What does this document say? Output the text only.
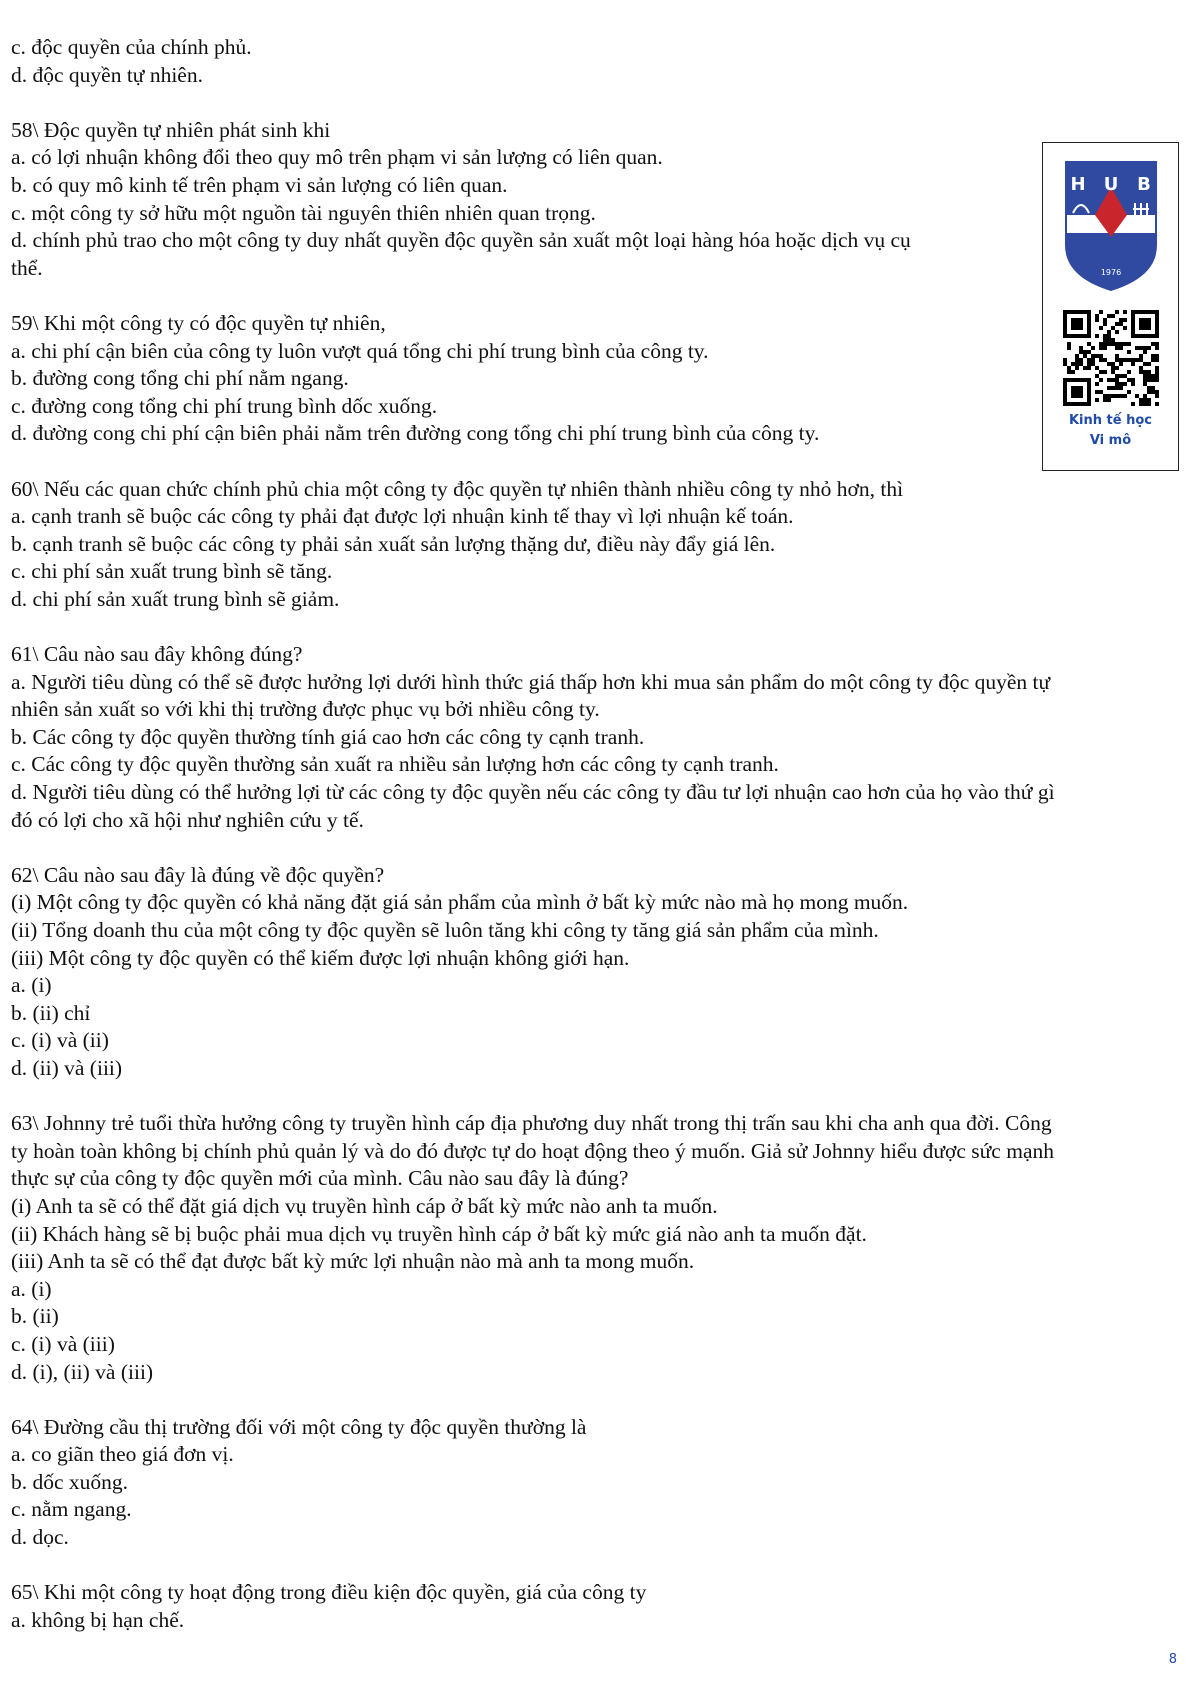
c. độc quyền của chính phủ.
d. độc quyền tự nhiên.
58\ Độc quyền tự nhiên phát sinh khi
a. có lợi nhuận không đổi theo quy mô trên phạm vi sản lượng có liên quan.
b. có quy mô kinh tế trên phạm vi sản lượng có liên quan.
c. một công ty sở hữu một nguồn tài nguyên thiên nhiên quan trọng.
d. chính phủ trao cho một công ty duy nhất quyền độc quyền sản xuất một loại hàng hóa hoặc dịch vụ cụ
thể.
59\ Khi một công ty có độc quyền tự nhiên,
a. chi phí cận biên của công ty luôn vượt quá tổng chi phí trung bình của công ty.
b. đường cong tổng chi phí nằm ngang.
c. đường cong tổng chi phí trung bình dốc xuống.
d. đường cong chi phí cận biên phải nằm trên đường cong tổng chi phí trung bình của công ty.
60\ Nếu các quan chức chính phủ chia một công ty độc quyền tự nhiên thành nhiều công ty nhỏ hơn, thì
a. cạnh tranh sẽ buộc các công ty phải đạt được lợi nhuận kinh tế thay vì lợi nhuận kế toán.
b. cạnh tranh sẽ buộc các công ty phải sản xuất sản lượng thặng dư, điều này đẩy giá lên.
c. chi phí sản xuất trung bình sẽ tăng.
d. chi phí sản xuất trung bình sẽ giảm.
61\ Câu nào sau đây không đúng?
a. Người tiêu dùng có thể sẽ được hưởng lợi dưới hình thức giá thấp hơn khi mua sản phẩm do một công ty độc quyền tự
nhiên sản xuất so với khi thị trường được phục vụ bởi nhiều công ty.
b. Các công ty độc quyền thường tính giá cao hơn các công ty cạnh tranh.
c. Các công ty độc quyền thường sản xuất ra nhiều sản lượng hơn các công ty cạnh tranh.
d. Người tiêu dùng có thể hưởng lợi từ các công ty độc quyền nếu các công ty đầu tư lợi nhuận cao hơn của họ vào thứ gì
đó có lợi cho xã hội như nghiên cứu y tế.
62\ Câu nào sau đây là đúng về độc quyền?
(i) Một công ty độc quyền có khả năng đặt giá sản phẩm của mình ở bất kỳ mức nào mà họ mong muốn.
(ii) Tổng doanh thu của một công ty độc quyền sẽ luôn tăng khi công ty tăng giá sản phẩm của mình.
(iii) Một công ty độc quyền có thể kiếm được lợi nhuận không giới hạn.
a. (i)
b. (ii) chỉ
c. (i) và (ii)
d. (ii) và (iii)
63\ Johnny trẻ tuổi thừa hưởng công ty truyền hình cáp địa phương duy nhất trong thị trấn sau khi cha anh qua đời. Công
ty hoàn toàn không bị chính phủ quản lý và do đó được tự do hoạt động theo ý muốn. Giả sử Johnny hiểu được sức mạnh
thực sự của công ty độc quyền mới của mình. Câu nào sau đây là đúng?
(i) Anh ta sẽ có thể đặt giá dịch vụ truyền hình cáp ở bất kỳ mức nào anh ta muốn.
(ii) Khách hàng sẽ bị buộc phải mua dịch vụ truyền hình cáp ở bất kỳ mức giá nào anh ta muốn đặt.
(iii) Anh ta sẽ có thể đạt được bất kỳ mức lợi nhuận nào mà anh ta mong muốn.
a. (i)
b. (ii)
c. (i) và (iii)
d. (i), (ii) và (iii)
64\ Đường cầu thị trường đối với một công ty độc quyền thường là
a. co giãn theo giá đơn vị.
b. dốc xuống.
c. nằm ngang.
d. dọc.
65\ Khi một công ty hoạt động trong điều kiện độc quyền, giá của công ty
a. không bị hạn chế.
1976
H U B
Kinh tế học
Vi mô
8
